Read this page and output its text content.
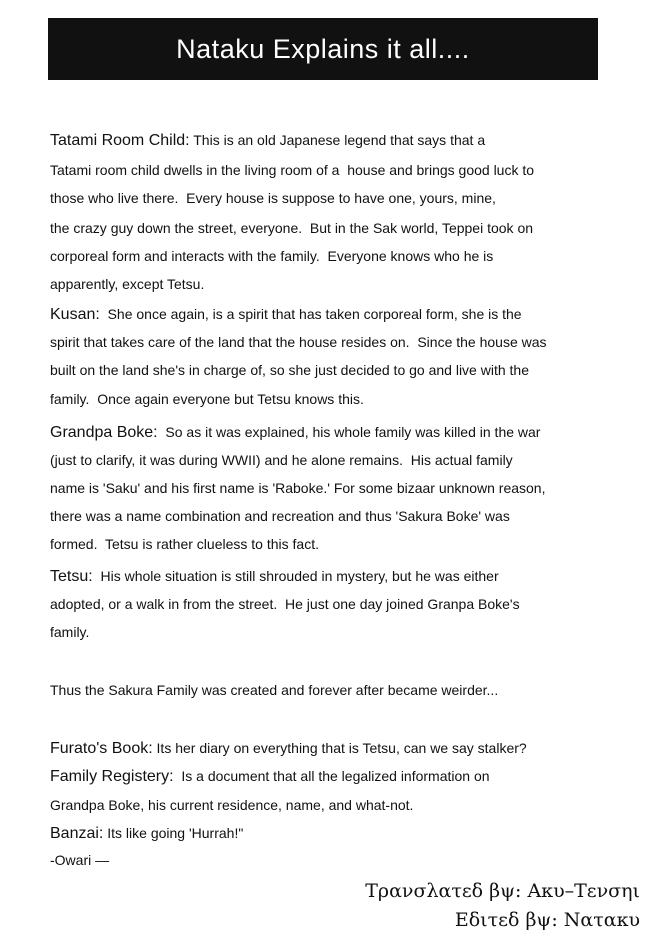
Nataku Explains it all....
Tatami Room Child: This is an old Japanese legend that says that a
Tatami room child dwells in the living room of a  house and brings good luck to
those who live there.  Every house is suppose to have one, yours, mine,
the crazy guy down the street, everyone.  But in the Sak world, Teppei took on
corporeal form and interacts with the family.  Everyone knows who he is
apparently, except Tetsu.
Kusan:  She once again, is a spirit that has taken corporeal form, she is the
spirit that takes care of the land that the house resides on.  Since the house was
built on the land she's in charge of, so she just decided to go and live with the
family.  Once again everyone but Tetsu knows this.
Grandpa Boke:  So as it was explained, his whole family was killed in the war
(just to clarify, it was during WWII) and he alone remains.  His actual family
name is 'Saku' and his first name is 'Raboke.' For some bizaar unknown reason,
there was a name combination and recreation and thus 'Sakura Boke' was
formed.  Tetsu is rather clueless to this fact.
Tetsu:  His whole situation is still shrouded in mystery, but he was either
adopted, or a walk in from the street.  He just one day joined Granpa Boke's
family.
Thus the Sakura Family was created and forever after became weirder...
Furato's Book: Its her diary on everything that is Tetsu, can we say stalker?
Family Registery:  Is a document that all the legalized information on
Grandpa Boke, his current residence, name, and what-not.
Banzai: Its like going 'Hurrah!"
-Owari —
Τρανσλατεδ βψ: Ακυ–Τενσηι
Εδιτεδ βψ: Νατακυ
